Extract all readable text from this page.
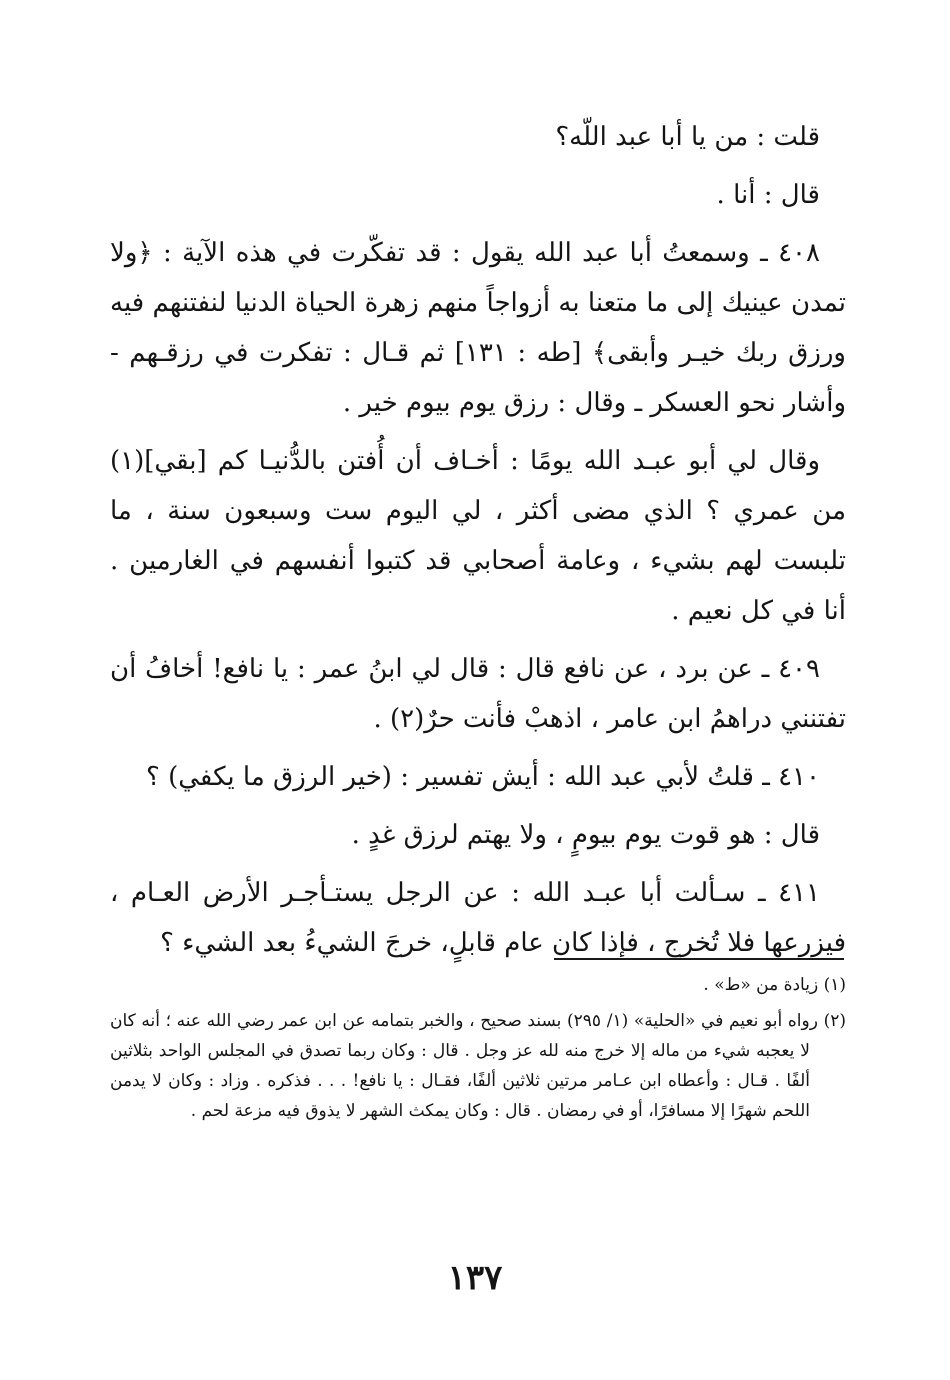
قلت : من يا أبا عبد اللّه؟

قال : أنا .

٤٠٨ ـ وسمعتُ أبا عبد الله يقول : قد تفكّرت في هذه الآية : ﴿ولا تمدن عينيك إلى ما متعنا به أزواجاً منهم زهرة الحياة الدنيا لنفتنهم فيه ورزق ربك خيـر وأبقى﴾ [طه : ١٣١] ثم قـال : تفكرت في رزقـهم - وأشار نحو العسكر ـ وقال : رزق يوم بيوم خير .

وقال لي أبو عبـد الله يومًا : أخـاف أن أُفتن بالدُّنيـا كم [بقي](١) من عمري ؟ الذي مضى أكثر ، لي اليوم ست وسبعون سنة ، ما تلبست لهم بشيء ، وعامة أصحابي قد كتبوا أنفسهم في الغارمين . أنا في كل نعيم .

٤٠٩ ـ عن برد ، عن نافع قال : قال لي ابنُ عمر : يا نافع! أخافُ أن تفتنني دراهمُ ابن عامر ، اذهبْ فأنت حرٌ(٢) .

٤١٠ ـ قلتُ لأبي عبد الله : أيش تفسير : (خير الرزق ما يكفي) ؟

قال : هو قوت يوم بيومٍ ، ولا يهتم لرزق غدٍ .

٤١١ ـ سـألت أبا عبـد الله : عن الرجل يستـأجـر الأرض العـام ، فيزرعها فلا تُخرج ، فإذا كان عام قابلٍ، خرجَ الشيءُ بعد الشيء ؟

(١) زيادة من «ط» .

(٢) رواه أبو نعيم في «الحلية» (١/ ٢٩٥) بسند صحيح ، والخبر بتمامه عن ابن عمر رضي الله عنه ؛ أنه كان لا يعجبه شيء من ماله إلا خرج منه لله عز وجل . قال : وكان ربما تصدق في المجلس الواحد بثلاثين ألفًا . قـال : وأعطاه ابن عـامر مرتين ثلاثين ألفًا، فقـال : يا نافع! . . . فذكره . وزاد : وكان لا يدمن اللحم شهرًا إلا مسافرًا، أو في رمضان . قال : وكان يمكث الشهر لا يذوق فيه مزعة لحم .

١٣٧
